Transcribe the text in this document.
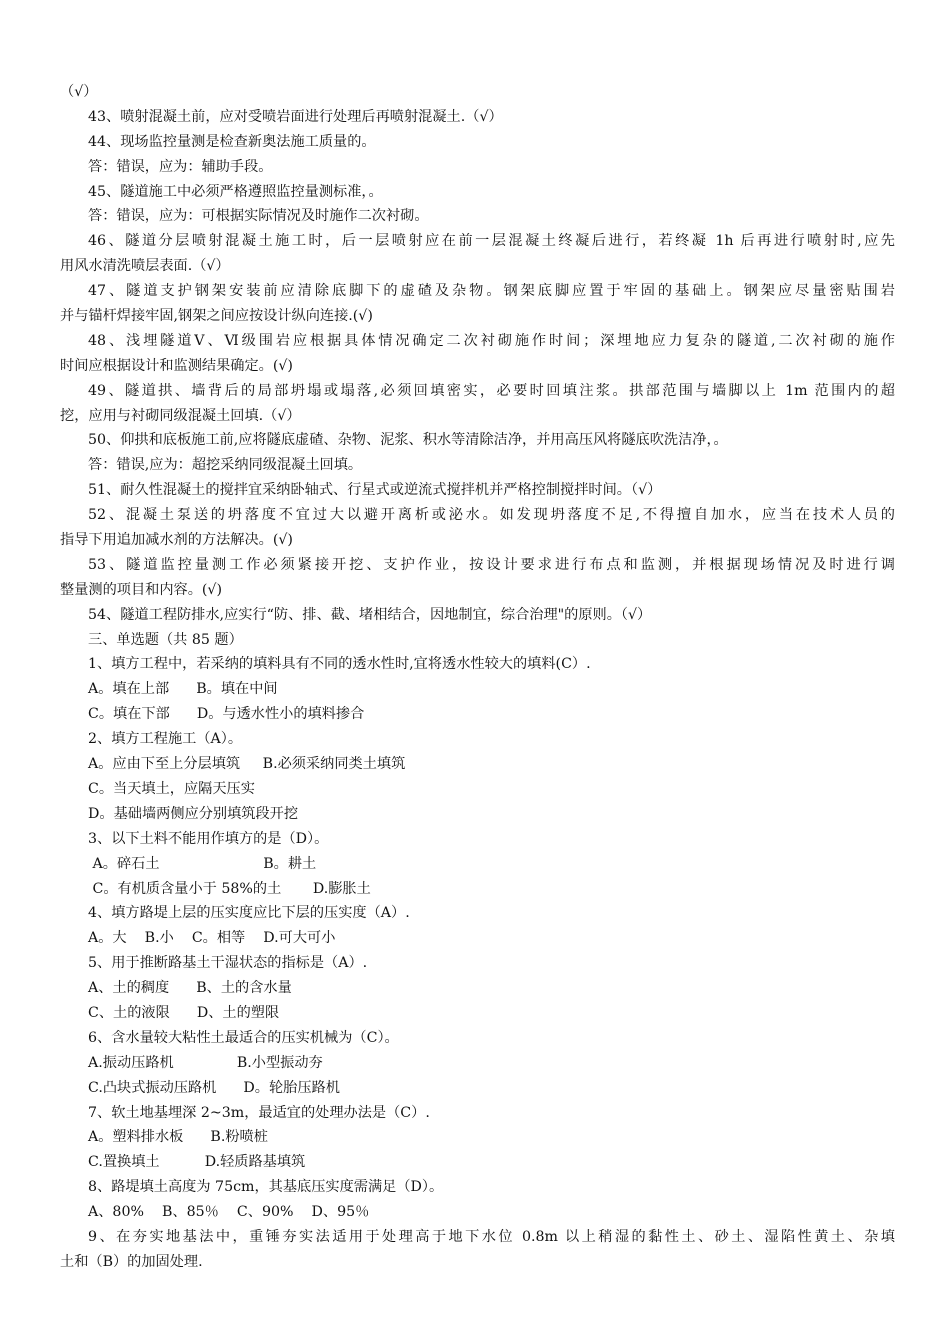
（√）
43、喷射混凝土前，应对受喷岩面进行处理后再喷射混凝土.（√）
44、现场监控量测是检查新奥法施工质量的。
答：错误，应为：辅助手段。
45、隧道施工中必须严格遵照监控量测标准，。
答：错误，应为：可根据实际情况及时施作二次衬砌。
46、隧道分层喷射混凝土施工时，后一层喷射应在前一层混凝土终凝后进行，若终凝 1h 后再进行喷射时,应先
用风水清洗喷层表面.（√）
47、隧道支护钢架安装前应清除底脚下的虚碴及杂物。钢架底脚应置于牢固的基础上。钢架应尽量密贴围岩
并与锚杆焊接牢固,钢架之间应按设计纵向连接.(√)
48、浅埋隧道Ⅴ、Ⅵ级围岩应根据具体情况确定二次衬砌施作时间；深埋地应力复杂的隧道,二次衬砌的施作
时间应根据设计和监测结果确定。(√)
49、隧道拱、墙背后的局部坍塌或塌落,必须回填密实，必要时回填注浆。拱部范围与墙脚以上 1m 范围内的超
挖，应用与衬砌同级混凝土回填.（√）
50、仰拱和底板施工前,应将隧底虚碴、杂物、泥浆、积水等清除洁净，并用高压风将隧底吹洗洁净，。
答：错误,应为：超挖采纳同级混凝土回填。
51、耐久性混凝土的搅拌宜采纳卧轴式、行星式或逆流式搅拌机并严格控制搅拌时间。（√）
52、混凝土泵送的坍落度不宜过大以避开离析或泌水。如发现坍落度不足,不得擅自加水，应当在技术人员的
指导下用追加减水剂的方法解决。(√)
53、隧道监控量测工作必须紧接开挖、支护作业，按设计要求进行布点和监测，并根据现场情况及时进行调
整量测的项目和内容。(√)
54、隧道工程防排水,应实行“防、排、截、堵相结合，因地制宜，综合治理"的原则。（√）
三、单选题（共 85 题）
1、填方工程中，若采纳的填料具有不同的透水性时,宜将透水性较大的填料(C）.
A。填在上部      B。填在中间
C。填在下部      D。与透水性小的填料掺合
2、填方工程施工（A）。
A。应由下至上分层填筑     B.必须采纳同类土填筑
C。当天填土，应隔天压实
D。基础墙两侧应分别填筑段开挖
3、以下土料不能用作填方的是（D）。
A。碎石土                       B。耕土
C。有机质含量小于 58%的土       D.膨胀土
4、填方路堤上层的压实度应比下层的压实度（A）.
A。大    B.小    C。相等    D.可大可小
5、用于推断路基土干湿状态的指标是（A）.
A、土的稠度      B、土的含水量
C、土的液限      D、土的塑限
6、含水量较大粘性土最适合的压实机械为（C）。
A.振动压路机              B.小型振动夯
C.凸块式振动压路机      D。轮胎压路机
7、软土地基埋深 2~3m，最适宜的处理办法是（C）.
A。塑料排水板      B.粉喷桩
C.置换填土          D.轻质路基填筑
8、路堤填土高度为 75cm，其基底压实度需满足（D）。
A、80%    B、85％    C、90%    D、95％
9、在夯实地基法中，重锤夯实法适用于处理高于地下水位 0.8m 以上稍湿的黏性土、砂土、湿陷性黄土、杂填
土和（B）的加固处理.
